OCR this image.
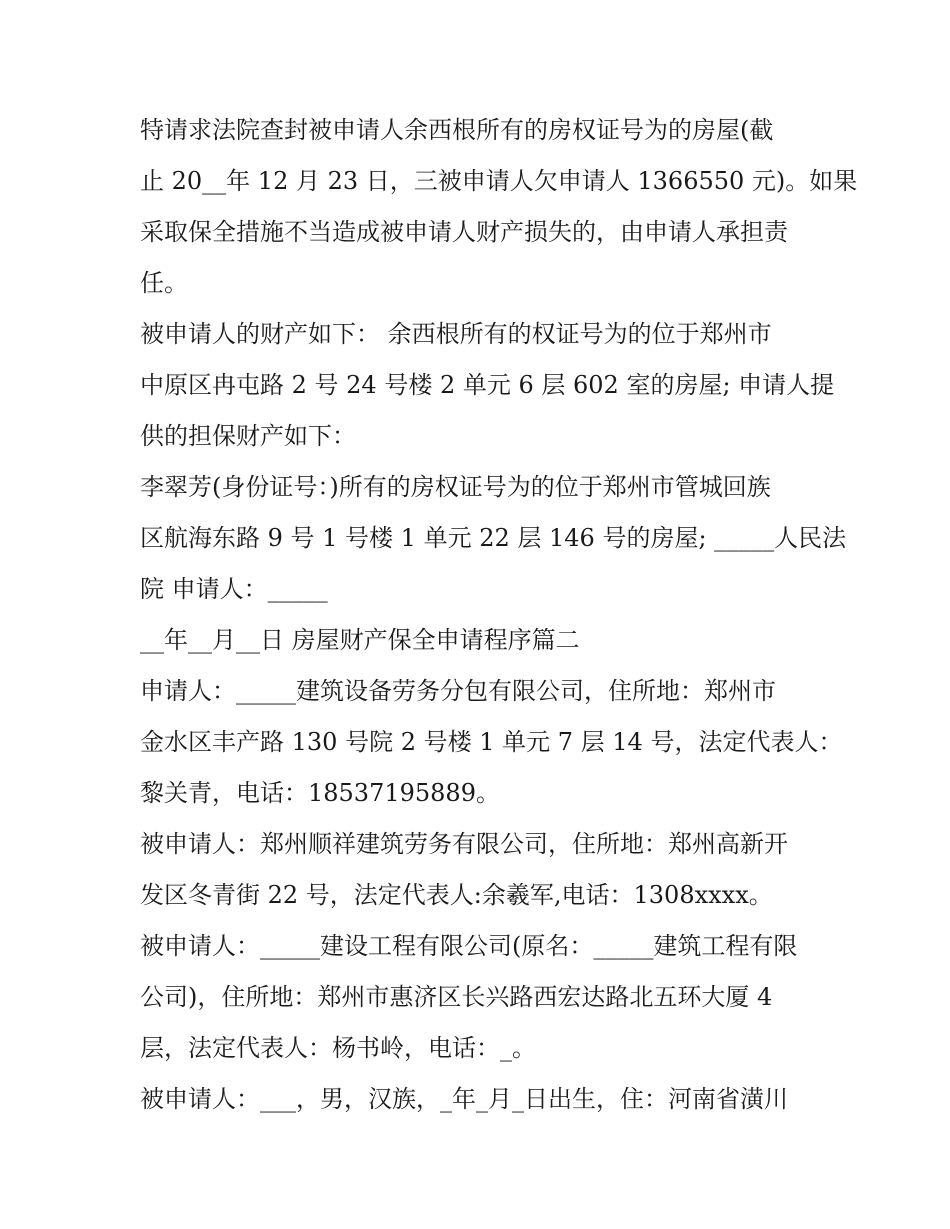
特请求法院查封被申请人余西根所有的房权证号为的房屋(截
止 20__年 12 月 23 日，三被申请人欠申请人 1366550 元)。如果
采取保全措施不当造成被申请人财产损失的，由申请人承担责
任。
被申请人的财产如下： 余西根所有的权证号为的位于郑州市
中原区冉屯路 2 号 24 号楼 2 单元 6 层 602 室的房屋; 申请人提
供的担保财产如下：
李翠芳(身份证号：)所有的房权证号为的位于郑州市管城回族
区航海东路 9 号 1 号楼 1 单元 22 层 146 号的房屋; _____人民法
院 申请人：_____
__年__月__日 房屋财产保全申请程序篇二
申请人：_____建筑设备劳务分包有限公司，住所地：郑州市
金水区丰产路 130 号院 2 号楼 1 单元 7 层 14 号，法定代表人：
黎关青，电话：18537195889。
被申请人：郑州顺祥建筑劳务有限公司，住所地：郑州高新开
发区冬青街 22 号，法定代表人:余羲军,电话：1308xxxx。
被申请人：_____建设工程有限公司(原名：_____建筑工程有限
公司)，住所地：郑州市惠济区长兴路西宏达路北五环大厦 4
层，法定代表人：杨书岭，电话：_。
被申请人：___，男，汉族，_年_月_日出生，住：河南省潢川
